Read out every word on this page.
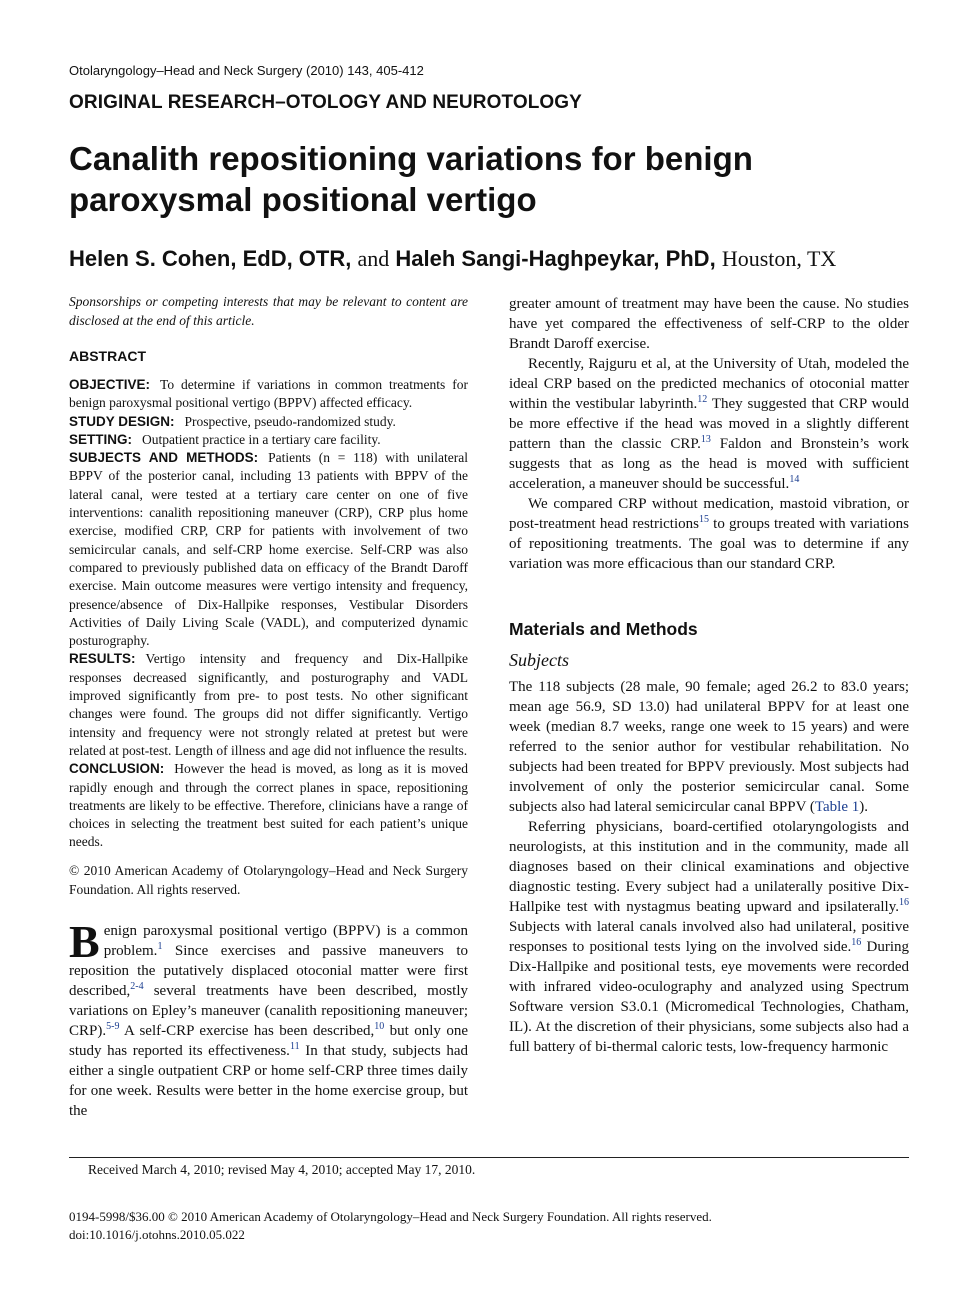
Otolaryngology–Head and Neck Surgery (2010) 143, 405-412
ORIGINAL RESEARCH–OTOLOGY AND NEUROTOLOGY
Canalith repositioning variations for benign paroxysmal positional vertigo
Helen S. Cohen, EdD, OTR, and Haleh Sangi-Haghpeykar, PhD, Houston, TX

Sponsorships or competing interests that may be relevant to content are disclosed at the end of this article.

ABSTRACT

OBJECTIVE: To determine if variations in common treatments for benign paroxysmal positional vertigo (BPPV) affected efficacy.

STUDY DESIGN: Prospective, pseudo-randomized study.

SETTING: Outpatient practice in a tertiary care facility.

SUBJECTS AND METHODS: Patients (n = 118) with unilateral BPPV of the posterior canal, including 13 patients with BPPV of the lateral canal, were tested at a tertiary care center on one of five interventions: canalith repositioning maneuver (CRP), CRP plus home exercise, modified CRP, CRP for patients with involvement of two semicircular canals, and self-CRP home exercise. Self-CRP was also compared to previously published data on efficacy of the Brandt Daroff exercise. Main outcome measures were vertigo intensity and frequency, presence/absence of Dix-Hallpike responses, Vestibular Disorders Activities of Daily Living Scale (VADL), and computerized dynamic posturography.

RESULTS: Vertigo intensity and frequency and Dix-Hallpike responses decreased significantly, and posturography and VADL improved significantly from pre- to post tests. No other significant changes were found. The groups did not differ significantly. Vertigo intensity and frequency were not strongly related at pretest but were related at post-test. Length of illness and age did not influence the results.

CONCLUSION: However the head is moved, as long as it is moved rapidly enough and through the correct planes in space, repositioning treatments are likely to be effective. Therefore, clinicians have a range of choices in selecting the treatment best suited for each patient’s unique needs.

© 2010 American Academy of Otolaryngology–Head and Neck Surgery Foundation. All rights reserved.

Benign paroxysmal positional vertigo (BPPV) is a common problem.$^1$ Since exercises and passive maneuvers to reposition the putatively displaced otoconial matter were first described,$^{2-4}$ several treatments have been described, mostly variations on Epley’s maneuver (canalith repositioning maneuver; CRP).$^{5-9}$ A self-CRP exercise has been described,$^{10}$ but only one study has reported its effectiveness.$^{11}$ In that study, subjects had either a single outpatient CRP or home self-CRP three times daily for one week. Results were better in the home exercise group, but the

greater amount of treatment may have been the cause. No studies have yet compared the effectiveness of self-CRP to the older Brandt Daroff exercise.

Recently, Rajguru et al, at the University of Utah, modeled the ideal CRP based on the predicted mechanics of otoconial matter within the vestibular labyrinth.$^{12}$ They suggested that CRP would be more effective if the head was moved in a slightly different pattern than the classic CRP.$^{13}$ Faldon and Bronstein’s work suggests that as long as the head is moved with sufficient acceleration, a maneuver should be successful.$^{14}$

We compared CRP without medication, mastoid vibration, or post-treatment head restrictions$^{15}$ to groups treated with variations of repositioning treatments. The goal was to determine if any variation was more efficacious than our standard CRP.

Materials and Methods
Subjects

The 118 subjects (28 male, 90 female; aged 26.2 to 83.0 years; mean age 56.9, SD 13.0) had unilateral BPPV for at least one week (median 8.7 weeks, range one week to 15 years) and were referred to the senior author for vestibular rehabilitation. No subjects had been treated for BPPV previously. Most subjects had involvement of only the posterior semicircular canal. Some subjects also had lateral semicircular canal BPPV (Table 1).

Referring physicians, board-certified otolaryngologists and neurologists, at this institution and in the community, made all diagnoses based on their clinical examinations and objective diagnostic testing. Every subject had a unilaterally positive Dix-Hallpike test with nystagmus beating upward and ipsilaterally.$^{16}$ Subjects with lateral canals involved also had unilateral, positive responses to positional tests lying on the involved side.$^{16}$ During Dix-Hallpike and positional tests, eye movements were recorded with infrared video-oculography and analyzed using Spectrum Software version S3.0.1 (Micromedical Technologies, Chatham, IL). At the discretion of their physicians, some subjects also had a full battery of bi-thermal caloric tests, low-frequency harmonic

Received March 4, 2010; revised May 4, 2010; accepted May 17, 2010.
0194-5998/$36.00 © 2010 American Academy of Otolaryngology–Head and Neck Surgery Foundation. All rights reserved.
doi:10.1016/j.otohns.2010.05.022
